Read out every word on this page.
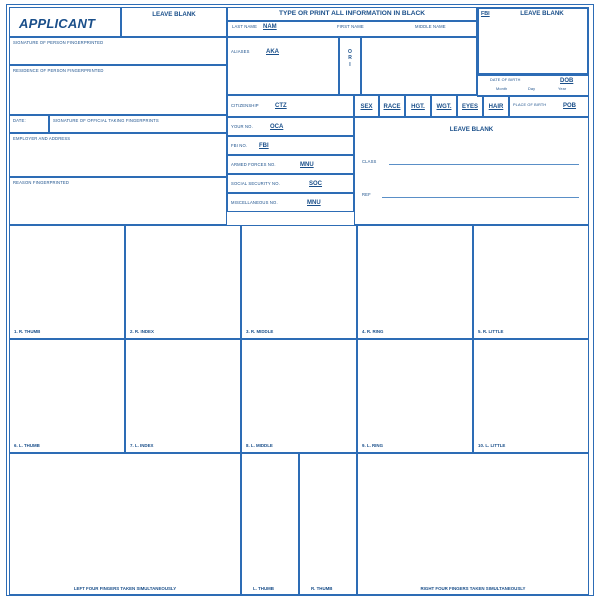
APPLICANT
LEAVE BLANK	TYPE OR PRINT ALL INFORMATION IN BLACK
LAST NAME NAM	FIRST NAME	MIDDLE NAME
FBI	LEAVE BLANK
SIGNATURE OF PERSON FINGERPRINTED
RESIDENCE OF PERSON FINGERPRINTED
DATE:	SIGNATURE OF OFFICIAL TAKING FINGERPRINTS
EMPLOYER AND ADDRESS
REASON FINGERPRINTED
ALIASES	AKA	O
R
I
DATE OF BIRTH	DOB
Month	Day	Year
CITIZENSHIP	CTZ	SEX	RACE	HGT.	WGT.	EYES	HAIR	PLACE OF BIRTH	POB
YOUR NO.	OCA
FBI NO. FBI
ARMED FORCES NO.	MNU
SOCIAL SECURITY NO.	SOC
MISCELLANEOUS NO.	MNU
LEAVE BLANK
CLASS
REF
1. R. THUMB	2. R. INDEX	3. R. MIDDLE	4. R. RING	5. R. LITTLE
6. L. THUMB	7. L. INDEX	8. L. MIDDLE	9. L. RING	10. L. LITTLE
LEFT FOUR FINGERS TAKEN SIMULTANEOUSLY	L. THUMB	R. THUMB	RIGHT FOUR FINGERS TAKEN SIMULTANEOUSLY
